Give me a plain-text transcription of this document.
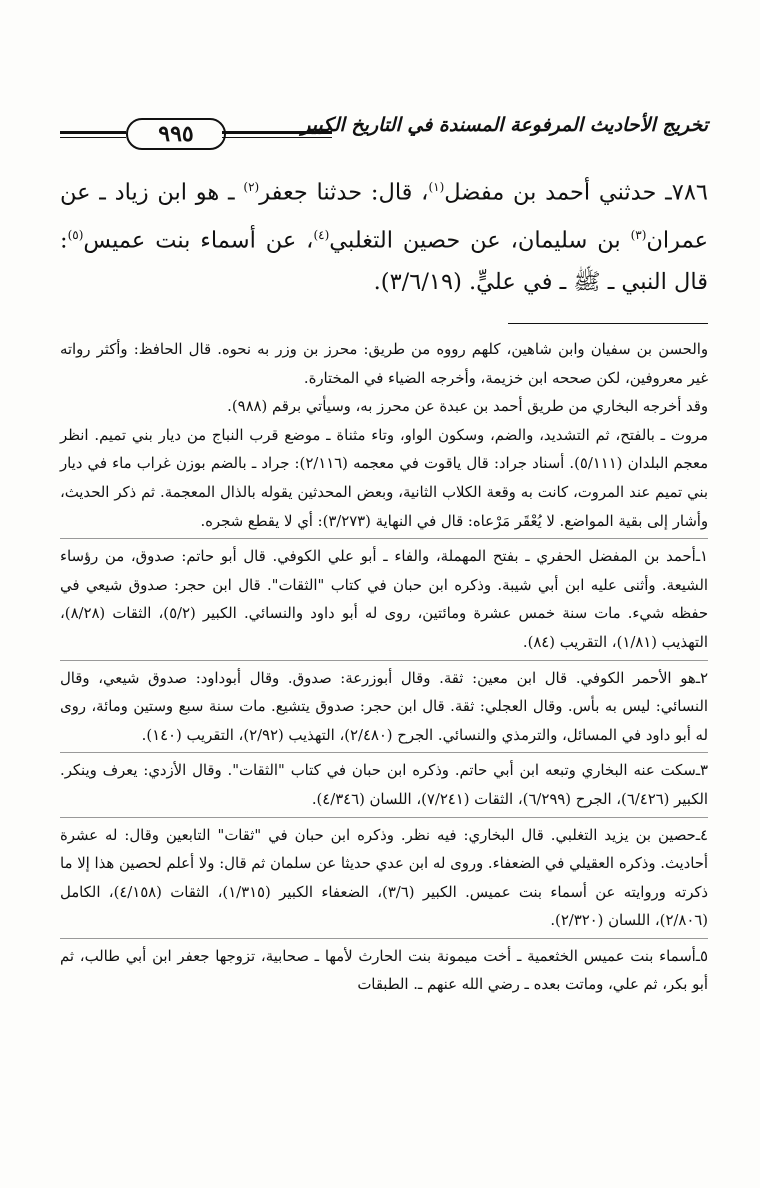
تخريج الأحاديث المرفوعة المسندة في التاريخ الكبير
٩٩٥
٧٨٦ـ حدثني أحمد بن مفضل$^{(١)}$، قال: حدثنا جعفر$^{(٢)}$ ـ هو ابن زياد ـ عن عمران$^{(٣)}$ بن سليمان، عن حصين التغلبي$^{(٤)}$، عن أسماء بنت عميس$^{(٥)}$: قال النبي ـ ﷺ ـ في عليٍّ. (٣/٦/١٩).

والحسن بن سفيان وابن شاهين، كلهم رووه من طريق: محرز بن وزر به نحوه. قال الحافظ: وأكثر رواته غير معروفين، لكن صححه ابن خزيمة، وأخرجه الضياء في المختارة.

وقد أخرجه البخاري من طريق أحمد بن عبدة عن محرز به، وسيأتي برقم (٩٨٨).

مروت ـ بالفتح، ثم التشديد، والضم، وسكون الواو، وتاء مثناة ـ موضع قرب النباج من ديار بني تميم. انظر معجم البلدان (٥/١١١). أسناد جراد: قال ياقوت في معجمه (٢/١١٦): جراد ـ بالضم بوزن غراب ماء في ديار بني تميم عند المروت، كانت به وقعة الكلاب الثانية، وبعض المحدثين يقوله بالذال المعجمة. ثم ذكر الحديث، وأشار إلى بقية المواضع. لا يُعْقَر مَرْعاه: قال في النهاية (٣/٢٧٣): أي لا يقطع شجره.

١ـأحمد بن المفضل الحفري ـ بفتح المهملة، والفاء ـ أبو علي الكوفي. قال أبو حاتم: صدوق، من رؤساء الشيعة. وأثنى عليه ابن أبي شيبة. وذكره ابن حبان في كتاب "الثقات". قال ابن حجر: صدوق شيعي في حفظه شيء. مات سنة خمس عشرة ومائتين، روى له أبو داود والنسائي. الكبير (٥/٢)، الثقات (٨/٢٨)، التهذيب (١/٨١)، التقريب (٨٤).

٢ـهو الأحمر الكوفي. قال ابن معين: ثقة. وقال أبوزرعة: صدوق. وقال أبوداود: صدوق شيعي، وقال النسائي: ليس به بأس. وقال العجلي: ثقة. قال ابن حجر: صدوق يتشيع. مات سنة سبع وستين ومائة، روى له أبو داود في المسائل، والترمذي والنسائي. الجرح (٢/٤٨٠)، التهذيب (٢/٩٢)، التقريب (١٤٠).

٣ـسكت عنه البخاري وتبعه ابن أبي حاتم. وذكره ابن حبان في كتاب "الثقات". وقال الأزدي: يعرف وينكر. الكبير (٦/٤٢٦)، الجرح (٦/٢٩٩)، الثقات (٧/٢٤١)، اللسان (٤/٣٤٦).

٤ـحصين بن يزيد التغلبي. قال البخاري: فيه نظر. وذكره ابن حبان في "ثقات" التابعين وقال: له عشرة أحاديث. وذكره العقيلي في الضعفاء. وروى له ابن عدي حديثا عن سلمان ثم قال: ولا أعلم لحصين هذا إلا ما ذكرته وروايته عن أسماء بنت عميس. الكبير (٣/٦)، الضعفاء الكبير (١/٣١٥)، الثقات (٤/١٥٨)، الكامل (٢/٨٠٦)، اللسان (٢/٣٢٠).

٥ـأسماء بنت عميس الخثعمية ـ أخت ميمونة بنت الحارث لأمها ـ صحابية، تزوجها جعفر ابن أبي طالب، ثم أبو بكر، ثم علي، وماتت بعده ـ رضي الله عنهم ـ. الطبقات
